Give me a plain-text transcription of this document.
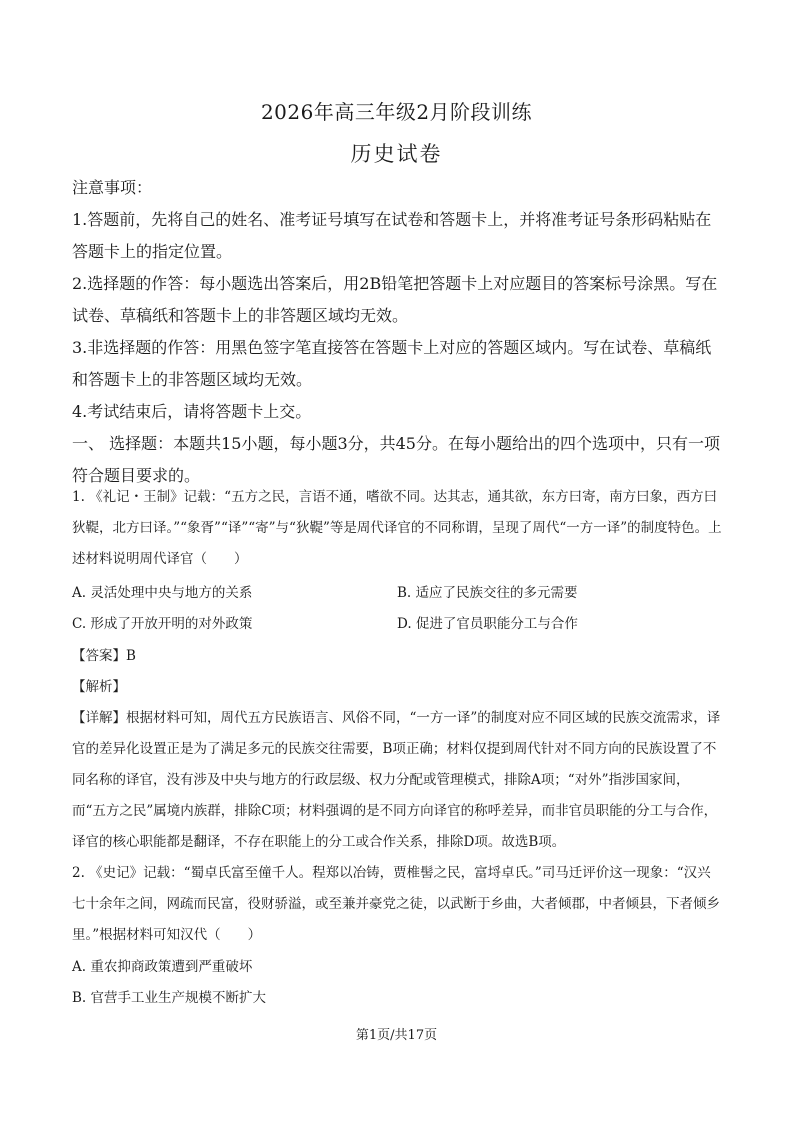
2026年高三年级2月阶段训练
历史试卷

注意事项：

1.答题前，先将自己的姓名、准考证号填写在试卷和答题卡上，并将准考证号条形码粘贴在答题卡上的指定位置。

2.选择题的作答：每小题选出答案后，用2B铅笔把答题卡上对应题目的答案标号涂黑。写在试卷、草稿纸和答题卡上的非答题区域均无效。

3.非选择题的作答：用黑色签字笔直接答在答题卡上对应的答题区域内。写在试卷、草稿纸和答题卡上的非答题区域均无效。

4.考试结束后，请将答题卡上交。

一、 选择题：本题共15小题，每小题3分，共45分。在每小题给出的四个选项中，只有一项符合题目要求的。

1. 《礼记・王制》记载：“五方之民，言语不通，嗜欲不同。达其志，通其欲，东方曰寄，南方曰象，西方曰狄鞮，北方曰译。”“象胥”“译”“寄”与“狄鞮”等是周代译官的不同称谓，呈现了周代“一方一译”的制度特色。上述材料说明周代译官（　　）
A. 灵活处理中央与地方的关系	B. 适应了民族交往的多元需要
C. 形成了开放开明的对外政策	D. 促进了官员职能分工与合作
【答案】B
【解析】
【详解】根据材料可知，周代五方民族语言、风俗不同，“一方一译”的制度对应不同区域的民族交流需求，译官的差异化设置正是为了满足多元的民族交往需要，B项正确；材料仅提到周代针对不同方向的民族设置了不同名称的译官，没有涉及中央与地方的行政层级、权力分配或管理模式，排除A项；“对外”指涉国家间，而“五方之民”属境内族群，排除C项；材料强调的是不同方向译官的称呼差异，而非官员职能的分工与合作，译官的核心职能都是翻译，不存在职能上的分工或合作关系，排除D项。故选B项。
2. 《史记》记载：“蜀卓氏富至僮千人。程郑以冶铸，贾椎髻之民，富埒卓氏。”司马迁评价这一现象：“汉兴七十余年之间，网疏而民富，役财骄溢，或至兼并豪党之徒，以武断于乡曲，大者倾郡，中者倾县，下者倾乡里。”根据材料可知汉代（　　）

A. 重农抑商政策遭到严重破坏

B. 官营手工业生产规模不断扩大

第1页/共17页
